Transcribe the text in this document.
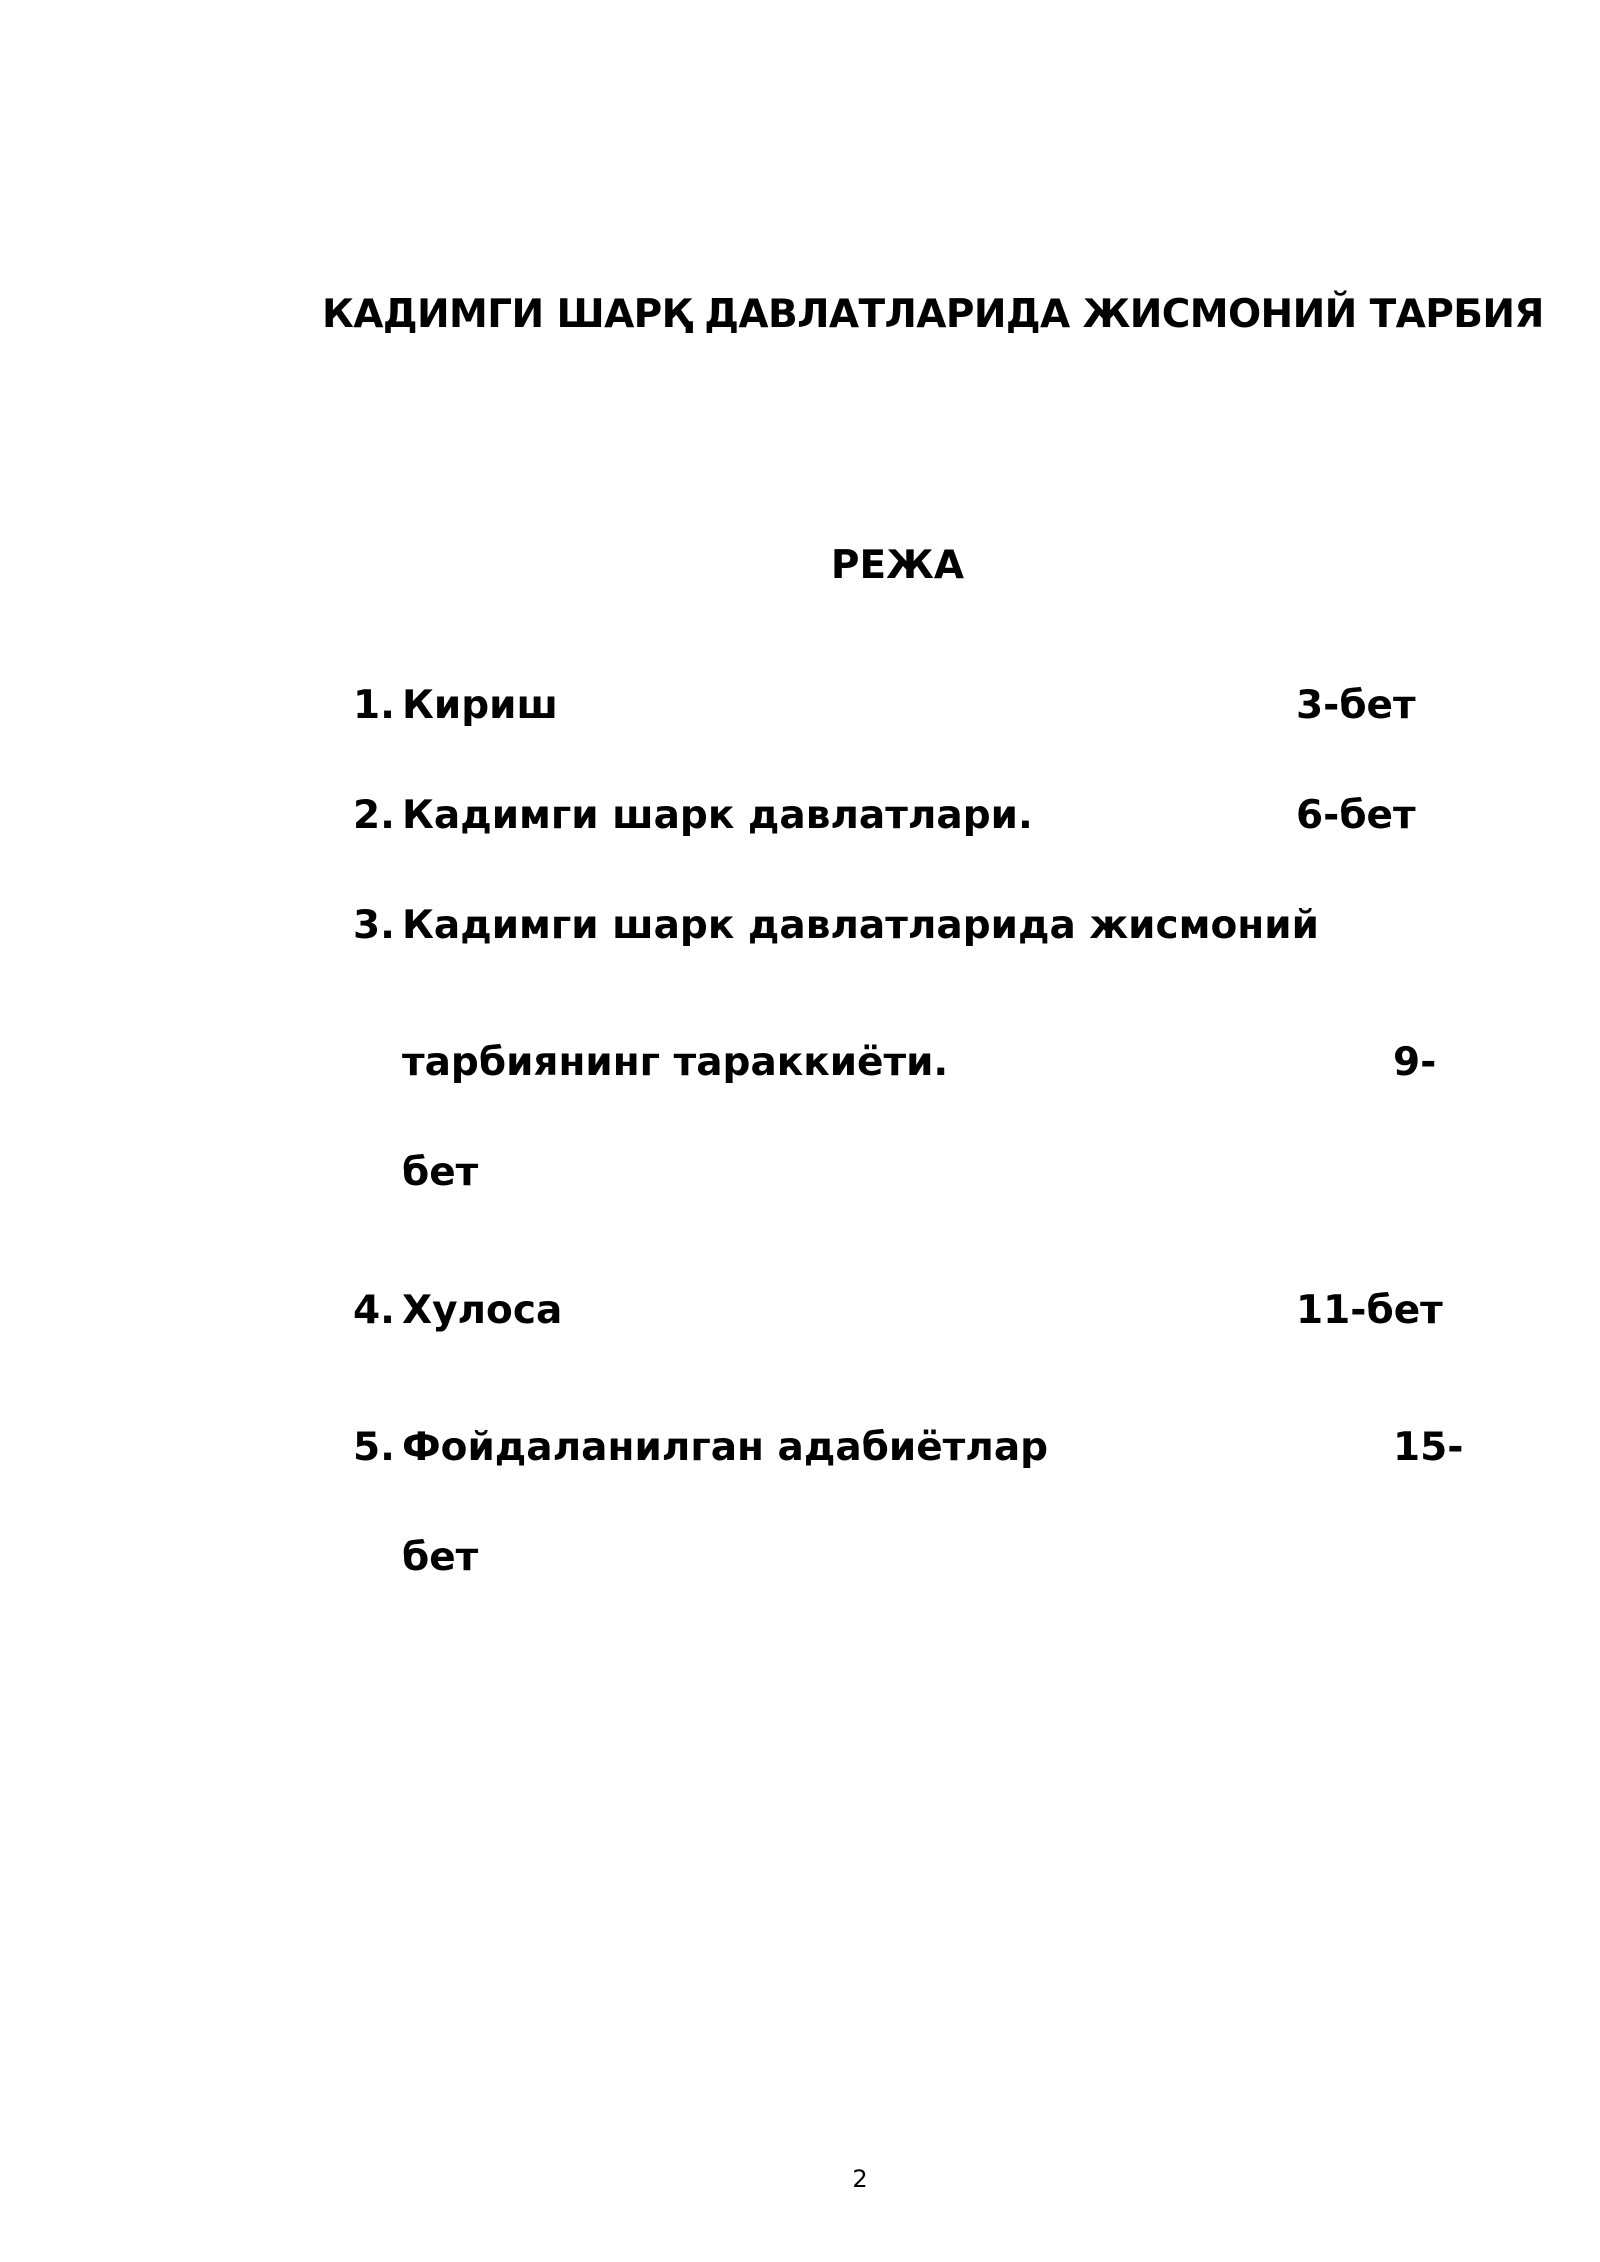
КАДИМГИ ШАРҚ ДАВЛАТЛАРИДА ЖИСМОНИЙ ТАРБИЯ
РЕЖА
1. Кириш	3-бет
2. Кадимги шарк давлатлари.	6-бет
3. Кадимги шарк давлатларида жисмоний
тарбиянинг тараккиёти.	9-
бет
4. Хулоса	11-бет
5. Фойдаланилган адабиётлар	15-
бет
2
